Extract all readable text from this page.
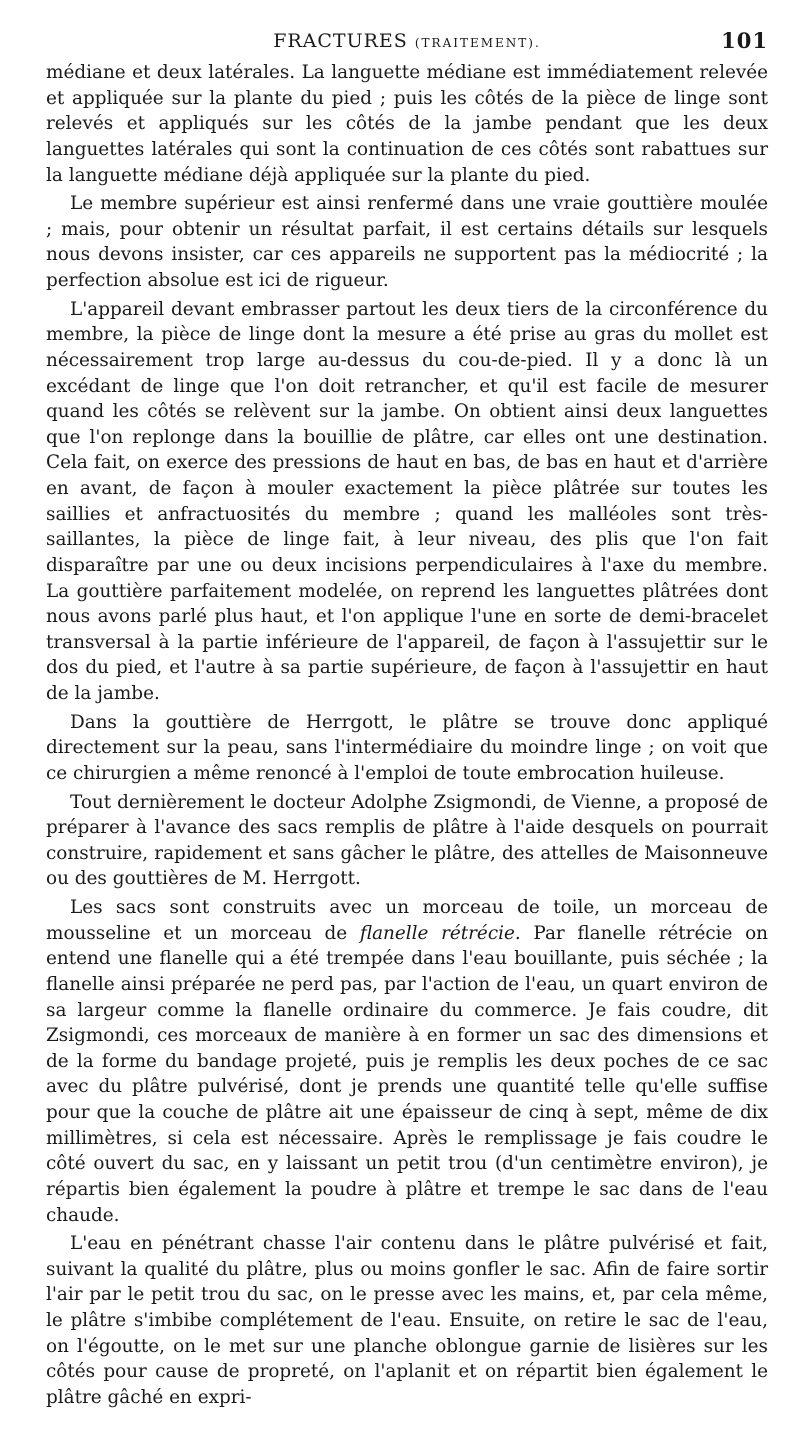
FRACTURES (TRAITEMENT).	101

médiane et deux latérales. La languette médiane est immédiatement relevée et appliquée sur la plante du pied ; puis les côtés de la pièce de linge sont relevés et appliqués sur les côtés de la jambe pendant que les deux languettes latérales qui sont la continuation de ces côtés sont rabattues sur la languette médiane déjà appliquée sur la plante du pied.

Le membre supérieur est ainsi renfermé dans une vraie gouttière moulée ; mais, pour obtenir un résultat parfait, il est certains détails sur lesquels nous devons insister, car ces appareils ne supportent pas la médiocrité ; la perfection absolue est ici de rigueur.

L'appareil devant embrasser partout les deux tiers de la circonférence du membre, la pièce de linge dont la mesure a été prise au gras du mollet est nécessairement trop large au-dessus du cou-de-pied. Il y a donc là un excédant de linge que l'on doit retrancher, et qu'il est facile de mesurer quand les côtés se relèvent sur la jambe. On obtient ainsi deux languettes que l'on replonge dans la bouillie de plâtre, car elles ont une destination. Cela fait, on exerce des pressions de haut en bas, de bas en haut et d'arrière en avant, de façon à mouler exactement la pièce plâtrée sur toutes les saillies et anfractuosités du membre ; quand les malléoles sont très-saillantes, la pièce de linge fait, à leur niveau, des plis que l'on fait disparaître par une ou deux incisions perpendiculaires à l'axe du membre. La gouttière parfaitement modelée, on reprend les languettes plâtrées dont nous avons parlé plus haut, et l'on applique l'une en sorte de demi-bracelet transversal à la partie inférieure de l'appareil, de façon à l'assujettir sur le dos du pied, et l'autre à sa partie supérieure, de façon à l'assujettir en haut de la jambe.

Dans la gouttière de Herrgott, le plâtre se trouve donc appliqué directement sur la peau, sans l'intermédiaire du moindre linge ; on voit que ce chirurgien a même renoncé à l'emploi de toute embrocation huileuse.

Tout dernièrement le docteur Adolphe Zsigmondi, de Vienne, a proposé de préparer à l'avance des sacs remplis de plâtre à l'aide desquels on pourrait construire, rapidement et sans gâcher le plâtre, des attelles de Maisonneuve ou des gouttières de M. Herrgott.

Les sacs sont construits avec un morceau de toile, un morceau de mousseline et un morceau de flanelle rétrécie. Par flanelle rétrécie on entend une flanelle qui a été trempée dans l'eau bouillante, puis séchée ; la flanelle ainsi préparée ne perd pas, par l'action de l'eau, un quart environ de sa largeur comme la flanelle ordinaire du commerce. Je fais coudre, dit Zsigmondi, ces morceaux de manière à en former un sac des dimensions et de la forme du bandage projeté, puis je remplis les deux poches de ce sac avec du plâtre pulvérisé, dont je prends une quantité telle qu'elle suffise pour que la couche de plâtre ait une épaisseur de cinq à sept, même de dix millimètres, si cela est nécessaire. Après le remplissage je fais coudre le côté ouvert du sac, en y laissant un petit trou (d'un centimètre environ), je répartis bien également la poudre à plâtre et trempe le sac dans de l'eau chaude.

L'eau en pénétrant chasse l'air contenu dans le plâtre pulvérisé et fait, suivant la qualité du plâtre, plus ou moins gonfler le sac. Afin de faire sortir l'air par le petit trou du sac, on le presse avec les mains, et, par cela même, le plâtre s'imbibe complétement de l'eau. Ensuite, on retire le sac de l'eau, on l'égoutte, on le met sur une planche oblongue garnie de lisières sur les côtés pour cause de propreté, on l'aplanit et on répartit bien également le plâtre gâché en expri-
